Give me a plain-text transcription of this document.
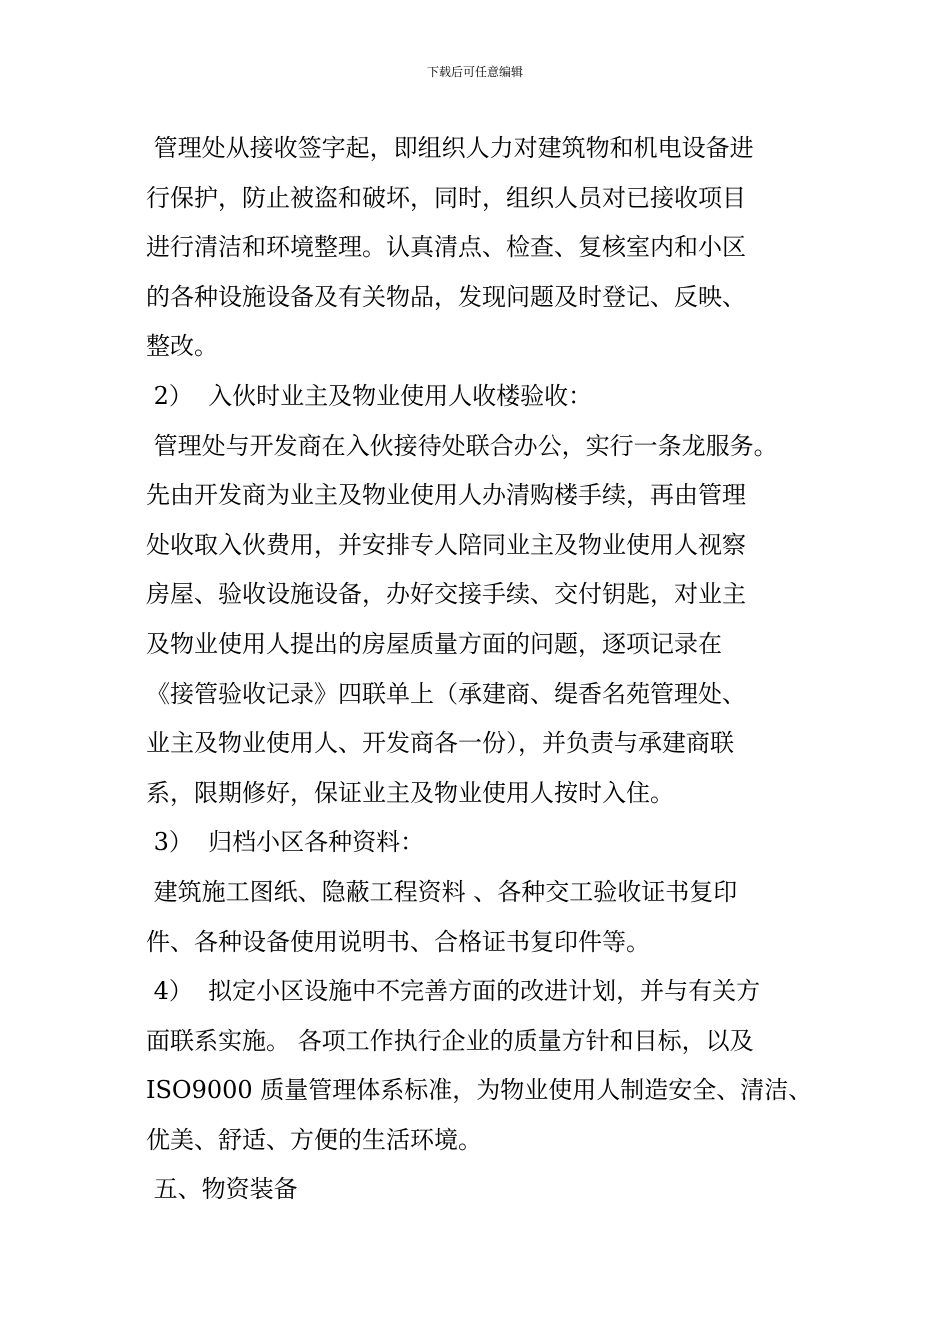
下载后可任意编辑
管理处从接收签字起，即组织人力对建筑物和机电设备进
行保护，防止被盗和破坏，同时，组织人员对已接收项目
进行清洁和环境整理。认真清点、检查、复核室内和小区
的各种设施设备及有关物品，发现问题及时登记、反映、
整改。
2）  入伙时业主及物业使用人收楼验收：
管理处与开发商在入伙接待处联合办公，实行一条龙服务。
先由开发商为业主及物业使用人办清购楼手续，再由管理
处收取入伙费用，并安排专人陪同业主及物业使用人视察
房屋、验收设施设备，办好交接手续、交付钥匙，对业主
及物业使用人提出的房屋质量方面的问题，逐项记录在
《接管验收记录》四联单上（承建商、缇香名苑管理处、
业主及物业使用人、开发商各一份），并负责与承建商联
系，限期修好，保证业主及物业使用人按时入住。
3）  归档小区各种资料：
建筑施工图纸、隐蔽工程资料 、各种交工验收证书复印
件、各种设备使用说明书、合格证书复印件等。
4）  拟定小区设施中不完善方面的改进计划，并与有关方
面联系实施。 各项工作执行企业的质量方针和目标，以及
ISO9000 质量管理体系标准，为物业使用人制造安全、清洁、
优美、舒适、方便的生活环境。
五、物资装备
